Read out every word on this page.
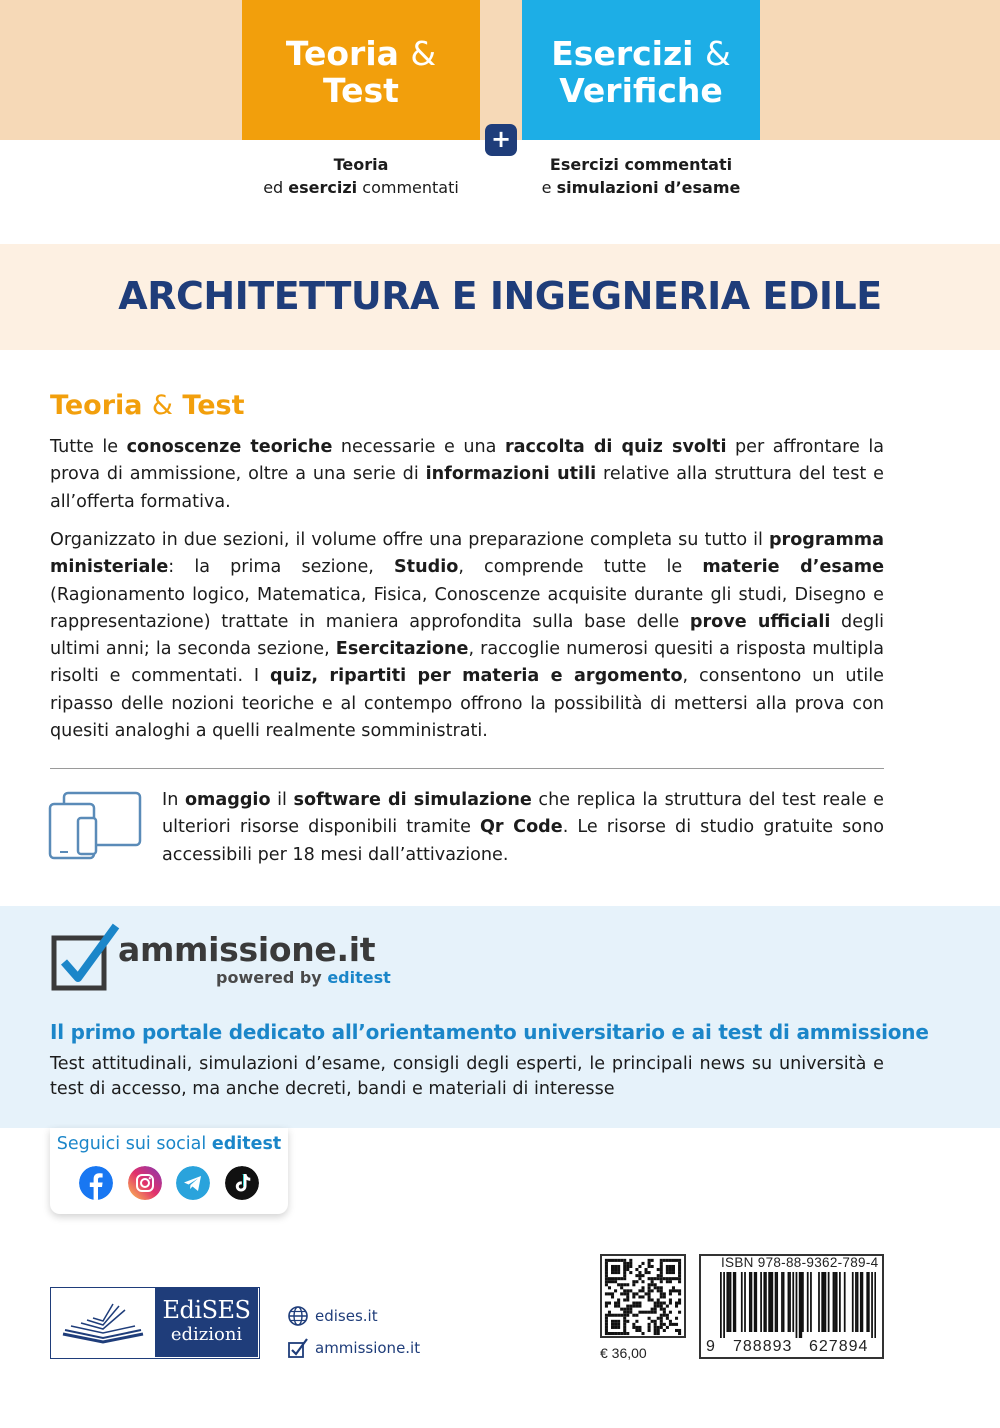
Teoria &
Test
+
Esercizi &
Verifiche
Teoria
ed esercizi commentati
Esercizi commentati
e simulazioni d’esame
ARCHITETTURA E INGEGNERIA EDILE
Teoria & Test

Tutte le conoscenze teoriche necessarie e una raccolta di quiz svolti per affrontare la prova di ammissione, oltre a una serie di informazioni utili relative alla struttura del test e all’offerta formativa.

Organizzato in due sezioni, il volume offre una preparazione completa su tutto il programma ministeriale: la prima sezione, Studio, comprende tutte le materie d’esame (Ragionamento logico, Matematica, Fisica, Conoscenze acquisite durante gli studi, Disegno e rappresentazione) trattate in maniera approfondita sulla base delle prove ufficiali degli ultimi anni; la seconda sezione, Esercitazione, raccoglie numerosi quesiti a risposta multipla risolti e commentati. I quiz, ripartiti per materia e argomento, consentono un utile ripasso delle nozioni teoriche e al contempo offrono la possibilità di mettersi alla prova con quesiti analoghi a quelli realmente somministrati.

In omaggio il software di simulazione che replica la struttura del test reale e ulteriori risorse disponibili tramite Qr Code. Le risorse di studio gratuite sono accessibili per 18 mesi dall’attivazione.

ammissione.it
powered by editest
Il primo portale dedicato all’orientamento universitario e ai test di ammissione

Test attitudinali, simulazioni d’esame, consigli degli esperti, le principali news su università e test di accesso, ma anche decreti, bandi e materiali di interesse

Seguici sui social editest
EdiSES
edizioni
edises.it
ammissione.it	€ 36,00
ISBN 978-88-9362-789-4
9 788893 627894
